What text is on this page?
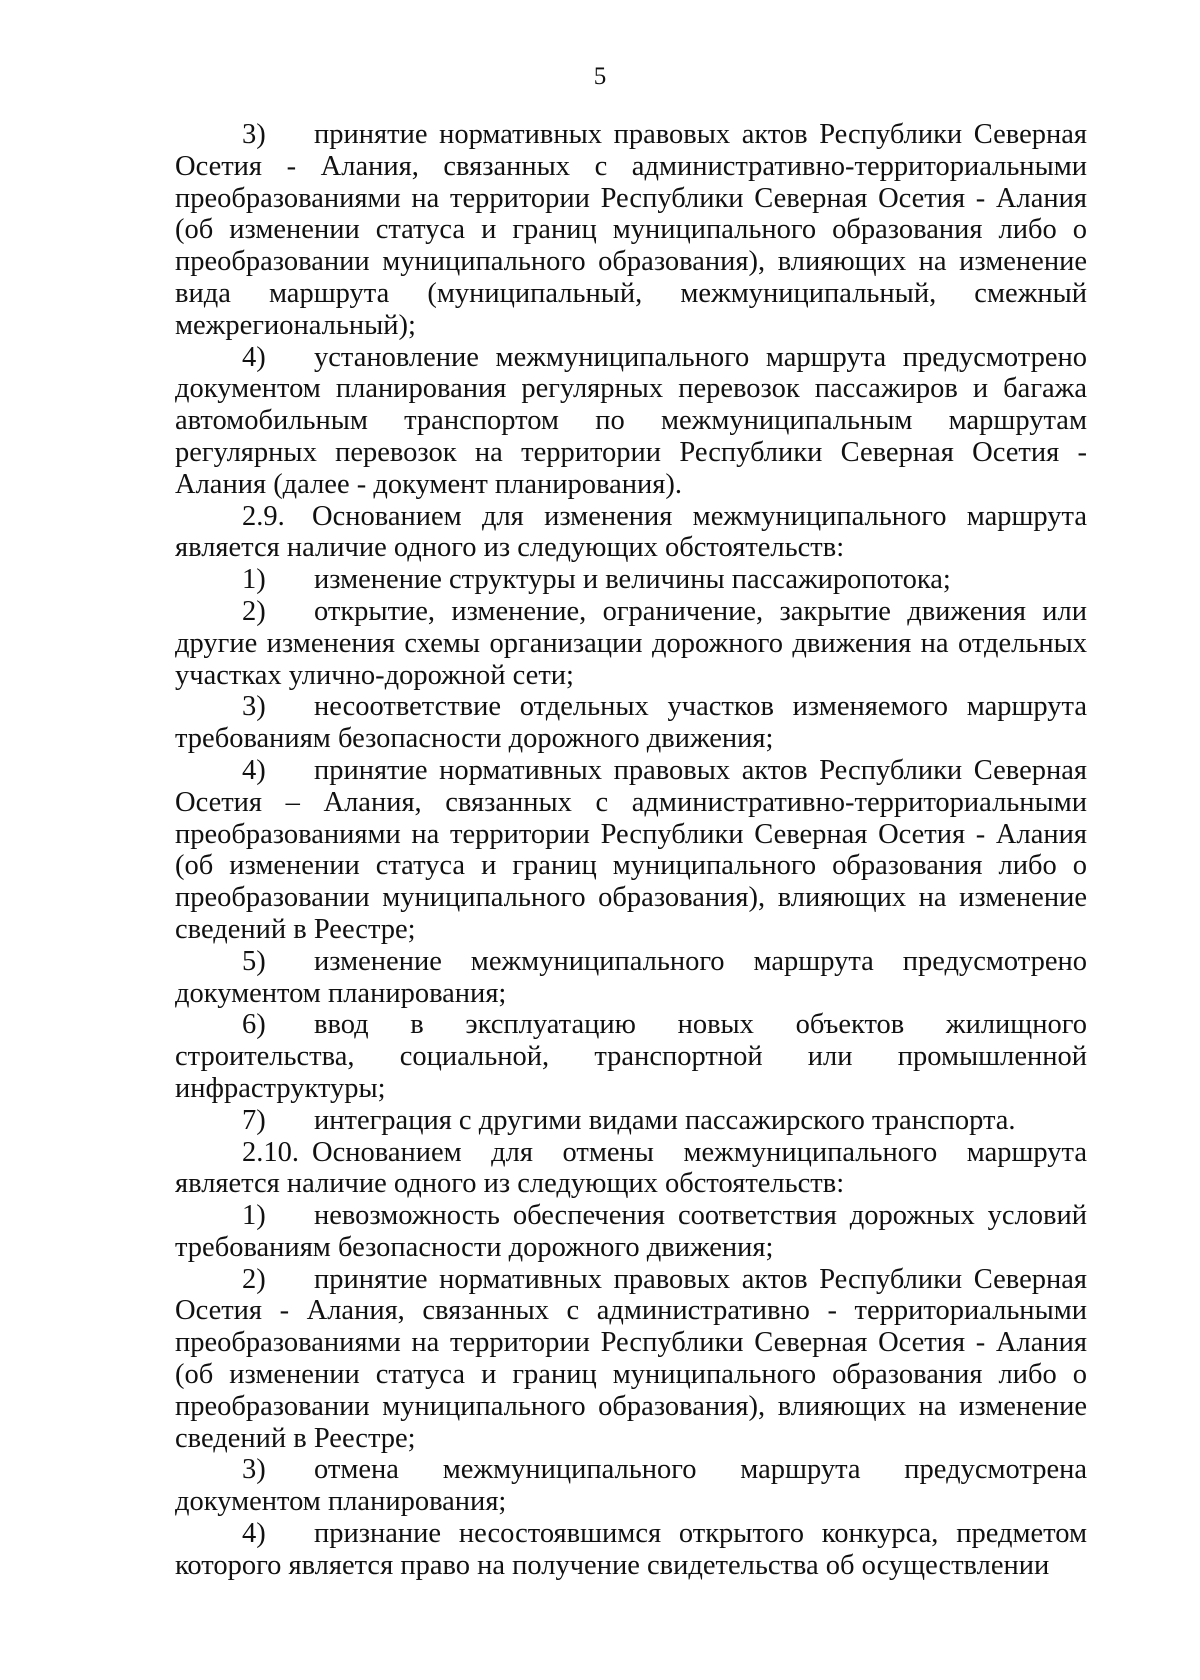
5

3) принятие нормативных правовых актов Республики Северная Осетия - Алания, связанных с административно-территориальными преобразованиями на территории Республики Северная Осетия - Алания (об изменении статуса и границ муниципального образования либо о преобразовании муниципального образования), влияющих на изменение вида маршрута (муниципальный, межмуниципальный, смежный межрегиональный);

4) установление межмуниципального маршрута предусмотрено документом планирования регулярных перевозок пассажиров и багажа автомобильным транспортом по межмуниципальным маршрутам регулярных перевозок на территории Республики Северная Осетия - Алания (далее - документ планирования).

2.9. Основанием для изменения межмуниципального маршрута является наличие одного из следующих обстоятельств:

1) изменение структуры и величины пассажиропотока;

2) открытие, изменение, ограничение, закрытие движения или другие изменения схемы организации дорожного движения на отдельных участках улично-дорожной сети;

3) несоответствие отдельных участков изменяемого маршрута требованиям безопасности дорожного движения;

4) принятие нормативных правовых актов Республики Северная Осетия – Алания, связанных с административно-территориальными преобразованиями на территории Республики Северная Осетия - Алания (об изменении статуса и границ муниципального образования либо о преобразовании муниципального образования), влияющих на изменение сведений в Реестре;

5) изменение межмуниципального маршрута предусмотрено документом планирования;

6) ввод в эксплуатацию новых объектов жилищного строительства, социальной, транспортной или промышленной инфраструктуры;

7) интеграция с другими видами пассажирского транспорта.

2.10. Основанием для отмены межмуниципального маршрута является наличие одного из следующих обстоятельств:

1) невозможность обеспечения соответствия дорожных условий требованиям безопасности дорожного движения;

2) принятие нормативных правовых актов Республики Северная Осетия - Алания, связанных с административно - территориальными преобразованиями на территории Республики Северная Осетия - Алания (об изменении статуса и границ муниципального образования либо о преобразовании муниципального образования), влияющих на изменение сведений в Реестре;

3) отмена межмуниципального маршрута предусмотрена документом планирования;

4) признание несостоявшимся открытого конкурса, предметом которого является право на получение свидетельства об осуществлении
